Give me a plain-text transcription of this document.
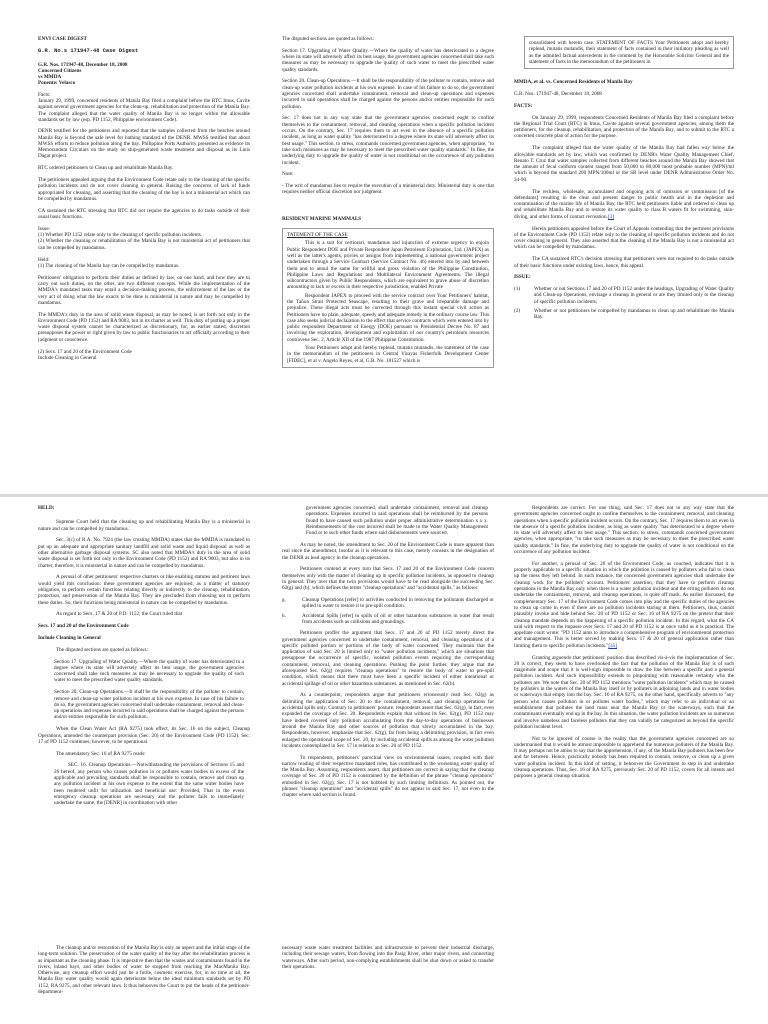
ENVI CASE DIGEST

G.R. No.s 171947-48 Case Digest

G.R. Nos. 171947-48, December 18, 2008
Concerned Citizens
vs MMDA
Ponente: Velasco

Facts:
January 29, 1999, concerned residents of Manila Bay filed a complaint before the RTC Imus, Cavite against several government agencies for the clean-up, rehabilitation and protection of the Manila Bay. The complaint alleged that the water quality of Manila Bay is no longer within the allowable standards set by law (esp. PD 1152, Philippine environment Code).

DENR testified for the petitioners and reported that the samples collected from the beaches around Manila Bay is beyond the safe level for bathing standard of the DENR. MWSS testified that about MWSS efforts to reduce pollution along the bay. Philippine Ports Authority presented as evidence its Memorandum Circulars on the study on ship-generated waste treatment and disposal as its Linis Dagat project.

RTC ordered petitioners to Clean up and rehabilitate Manila Bay.

The petitioners appealed arguing that the Environment Code relate only to the cleaning of the specific pollution incidents and do not cover cleaning in general. Raising the concerns of lack of funds appropriated for cleaning, and asserting that the cleaning of the bay is not a ministerial act which can be compelled by mandamus.

CA sustained the RTC stressing that RTC did not require the agencies to do tasks outside of their usual basic functions.

Issue:
(1) Whether PD 1152 relate only to the cleaning of specific pollution incidents.
(2) Whether the cleaning or rehabilitation of the Manila Bay is not ministerial act of petitioners that can be compelled by mandamus.

Held:
(1) The cleaning of the Manila bay can be compelled by mandamus.

Petitioners' obligation to perform their duties as defined by law, on one hand, and how they are to carry out such duties, on the other, are two different concepts. While the implementation of the MMDA's mandated tasks may entail a decision-making process, the enforcement of the law or the very act of doing what the law exacts to be done is ministerial in nature and may be compelled by mandamus.

The MMDA's duty in the area of solid waste disposal, as may be noted, is set forth not only in the Environment Code (PD 1152) and RA 9003, but in its charter as well. This duty of putting up a proper waste disposal system cannot be characterized as discretionary, for, as earlier stated, discretion presupposes the power or right given by law to public functionaries to act officially according to their judgment or conscience.

(2) Secs. 17 and 20 of the Environment Code
Include Cleaning in General

The disputed sections are quoted as follows:

Section 17. Upgrading of Water Quality.—Where the quality of water has deteriorated to a degree where its state will adversely affect its best usage, the government agencies concerned shall take such measures as may be necessary to upgrade the quality of such water to meet the prescribed water quality standards.

Section 20. Clean-up Operations.—It shall be the responsibility of the polluter to contain, remove and clean-up water pollution incidents at his own expense. In case of his failure to do so, the government agencies concerned shall undertake containment, removal and clean-up operations and expenses incurred in said operations shall be charged against the persons and/or entities responsible for such pollution.

Sec. 17 does not in any way state that the government agencies concerned ought to confine themselves to the containment, removal, and cleaning operations when a specific pollution incident occurs. On the contrary, Sec. 17 requires them to act even in the absence of a specific pollution incident, as long as water quality "has deteriorated to a degree where its state will adversely affect its best usage." This section, to stress, commands concerned government agencies, when appropriate, "to take such measures as may be necessary to meet the prescribed water quality standards." In fine, the underlying duty to upgrade the quality of water is not conditional on the occurrence of any pollution incident.

Note:

- The writ of mandamus lies to require the execution of a ministerial duty. Ministerial duty is one that requires neither official discretion nor judgment.

RESIDENT MARINE MAMMALS

TATEMENT OF THE CASE

This is a suit for certiorari, mandamus and injunction of extreme urgency to enjoin Public Respondent DOE and Private Respondent Japan Petroleum Exploration, Ltd. (JAPEX) as well as the latter's agents, privies or assigns from implementing a national government project undertaken through a Service Contract (Service Contract No. 46) entered into by and between them and to annul the same for willful and gross violation of the Philippine Constitution, Philippine Laws and Regulations and Multilateral Environment Agreements. The illegal subcontractors given by Public Respondents, which are equivalent to grave abuse of discretion amounting to lack or excess in their respective jurisdiction, enabled Private

Respondent JAPEX to proceed with the service contract over Your Petitioners' habitat, the Tañon Strait Protected Seascape, resulting to their grave and irreparable damage and prejudice. These illegal acts must be corrected through this instant special civil action as Petitioners have no plain, adequate, speedy and adequate remedy in the ordinary course law. This case also seeks judicial declaration to the effect that service contracts which were entered into by public respondent Department of Energy (DOE) pursuant to Presidential Decree No. 87 and involving the exploration, development and exploitation of our country's petroleum resources contravene Sec. 2, Article XII of the 1987 Philippine Constitution.

Your Petitioners adopt and hereby replead, mutatis mutandis, the statement of the case in the memorandum of the petitioners in Central Visayas Fisherfolk Development Center [FIDEC], et al v. Angelo Reyes, et al, G.R. No. 181527 which is

consolidated with herein case. STATEMENT OF FACTS Your Petitioners adopt and hereby replead, mutatis mutandis, their statement of facts contained in their initiatory pleading as well as the admitted factual antecedents in the comment by the Honorable Solicitor General and the statement of facts in the memorandum of the petitioners in

MMDA, et al. vs. Concerned Residents of Manila Bay

G.R. Nos. 171947-48, December 18, 2008

FACTS:

On January 29, 1999, respondents Concerned Residents of Manila Bay filed a complaint before the Regional Trial Court (RTC) in Imus, Cavite against several government agencies, among them the petitioners, for the cleanup, rehabilitation, and protection of the Manila Bay, and to submit to the RTC a concerted concrete plan of action for the purpose.

The complaint alleged that the water quality of the Manila Bay had fallen way below the allowable standards set by law, which was confirmed by DENR's Water Quality Management Chief, Renato T. Cruz that water samples collected from different beaches around the Manila Bay showed that the amount of fecal coliform content ranged from 50,000 to 80,000 most probable number (MPN)/ml which is beyond the standard 200 MPN/100ml or the SB level under DENR Administrative Order No. 34-90.

The reckless, wholesale, accumulated and ongoing acts of omission or commission [of the defendants] resulting in the clear and present danger to public health and in the depletion and contamination of the marine life of Manila Bay, the RTC held petitioners liable and ordered to clean up and rehabilitate Manila Bay and to restore its water quality to class B waters fit for swimming, skin-diving, and other forms of contact recreation.[3]

Herein petitioners appealed before the Court of Appeals contending that the pertinent provisions of the Environment Code (PD 1152) relate only to the cleaning of specific pollution incidents and do not cover cleaning in general. They also asserted that the cleaning of the Manila Bay is not a ministerial act which can be compelled by mandamus.

The CA sustained RTC's decision stressing that petitioners were not required to do tasks outside of their basic functions under existing laws, hence, this appeal.

ISSUE:

(1)	Whether or not Sections 17 and 20 of PD 1152 under the headings, Upgrading of Water Quality and Clean-up Operations, envisage a cleanup in general or are they limited only to the cleanup of specific pollution incidents;
(2)	Whether or not petitioners be compelled by mandamus to clean up and rehabilitate the Manila Bay.

HELD:

Supreme Court held that the cleaning up and rehabilitating Manila Bay is a ministerial in nature and can be compelled by mandamus.

Sec. 3(c) of R.A. No. 7924 (the law creating MMDA) states that the MMDA is mandated to put up an adequate and appropriate sanitary landfill and solid waste and liquid disposal as well as other alternative garbage disposal systems. SC also noted that MMDA's duty in the area of solid waste disposal is set forth not only in the Environment Code (PD 1152) and RA 9003, but also in its charter, therefore, it is ministerial in nature and can be compelled by mandamus.

A perusal of other petitioners' respective charters or like enabling statutes and pertinent laws would yield this conclusion: these government agencies are enjoined, as a matter of statutory obligation, to perform certain functions relating directly or indirectly to the cleanup, rehabilitation, protection, and preservation of the Manila Bay. They are precluded from choosing not to perform these duties. So, their functions being ministerial in nature can be compelled by mandamus.

As regard to Secs. 17 & 20 of P.D. 1152, the Court ruled that

Secs. 17 and 20 of the Environment Code

Include Cleaning in General

The disputed sections are quoted as follows:

Section 17. Upgrading of Water Quality.—Where the quality of water has deteriorated to a degree where its state will adversely affect its best usage, the government agencies concerned shall take such measures as may be necessary to upgrade the quality of such water to meet the prescribed water quality standards.

Section 20. Clean-up Operations.—It shall be the responsibility of the polluter to contain, remove and clean-up water pollution incident at his own expense. In case of his failure to do so, the government agencies concerned shall undertake containment, removal and clean-up operations and expenses incurred in said operations shall be charged against the persons and/or entities responsible for such pollution.

When the Clean Water Act (RA 9275) took effect, its Sec. 16 on the subject, Cleanup Operations, amended the counterpart provision (Sec. 20) of the Environment Code (PD 1152). Sec. 17 of PD 1152 continues, however, to be operational.

The amendatory Sec. 16 of RA 9275 reads:

SEC. 16. Cleanup Operations.—Notwithstanding the provisions of Sections 15 and 26 hereof, any person who causes pollution in or pollutes water bodies in excess of the applicable and prevailing standards shall be responsible to contain, remove and clean up any pollution incident at his own expense to the extent that the same water bodies have been rendered unfit for utilization and beneficial use: Provided, That in the event emergency cleanup operations are necessary and the polluter fails to immediately undertake the same, the [DENR] in coordination with other

The cleanup and/or restoration of the Manila Bay is only an aspect and the initial stage of the long-term solution. The preservation of the water quality of the bay after the rehabilitation process is as important as the cleaning phase. It is imperative then that the wastes and contaminants found in the rivers, inland bays, and other bodies of water be stopped from reaching the MacManila Bay. Otherwise, any cleanup effort would just be a futile, cosmetic exercise, for, in no time at all, the Manila Bay water quality would again deteriorate below the ideal minimum standards set by PD 1152, RA 9275, and other relevant laws. It thus behooves the Court to put the heads of the petitioner-department-

government agencies concerned, shall undertake containment, removal and cleanup operations. Expenses incurred in said operations shall be reimbursed by the persons found to have caused such pollution under proper administrative determination x x x. Reimbursements of the cost incurred shall be made to the Water Quality Management Fund or to such other funds where said disbursements were sourced.

As may be noted, the amendment to Sec. 20 of the Environment Code is more apparent than real since the amendment, insofar as it is relevant to this case, merely consists in the designation of the DENR as lead agency in the cleanup operations.

Petitioners contend at every turn that Secs. 17 and 20 of the Environment Code concern themselves only with the matter of cleaning up in specific pollution incidents, as opposed to cleanup in general. They aver that the twin provisions would have to be read alongside the succeeding Sec. 62(g) and (h), which defines the terms "cleanup operations" and "accidental spills," as follows:

g.	Cleanup Operations [refer] to activities conducted in removing the pollutants discharged or spilled in water to restore it to pre-spill condition.
h.	Accidental Spills [refer] to spills of oil or other hazardous substances in water that result from accidents such as collisions and groundings.

Petitioners proffer the argument that Secs. 17 and 20 of PD 1152 merely direct the government agencies concerned to undertake containment, removal, and cleaning operations of a specific polluted portion or portions of the body of water concerned. They maintain that the application of said Sec. 20 is limited only to "water pollution incidents," which are situations that presuppose the occurrence of specific, isolated pollution events requiring the corresponding containment, removal, and cleaning operations. Pushing the point further, they argue that the aforequoted Sec. 62(g) requires "cleanup operations" to restore the body of water to pre-spill condition, which means that there must have been a specific incident of either intentional or accidental spillage of oil or other hazardous substances, as mentioned in Sec. 62(h).

As a counterpoint, respondents argue that petitioners erroneously read Sec. 62(g) as delimiting the application of Sec. 20 to the containment, removal, and cleanup operations for accidental spills only. Contrary to petitioners' posture, respondents assert that Sec. 62(g), in fact, even expanded the coverage of Sec. 20. Respondents explain that without its Sec. 62(g), PD 1152 may have indeed covered only pollution accumulating from the day-to-day operations of businesses around the Manila Bay and other sources of pollution that slowly accumulated in the bay. Respondents, however, emphasize that Sec. 62(g), far from being a delimiting provision, in fact even enlarged the operational scope of Sec. 20, by including accidental spills as among the water pollution incidents contemplated in Sec. 17 in relation to Sec. 20 of PD 1152.

To respondents, petitioners' parochial view on environmental issues, coupled with their narrow reading of their respective mandated roles, has contributed to the worsening water quality of the Manila Bay. Assuming, respondents assert, that petitioners are correct in saying that the cleanup coverage of Sec. 20 of PD 1152 is constrained by the definition of the phrase "cleanup operations" embodied in Sec. 62(g), Sec. 17 is not hobbled by such limiting definition. As pointed out, the phrases "cleanup operations" and "accidental spills" do not appear in said Sec. 17, not even in the chapter where said section is found.

necessary waste water treatment facilities and infrastructure to prevent their industrial discharge, including their sewage waters, from flowing into the Pasig River, other major rivers, and connecting waterways. After such period, non-complying establishments shall be shut down or asked to transfer their operations.

Respondents are correct. For one thing, said Sec. 17 does not in any way state that the government agencies concerned ought to confine themselves to the containment, removal, and cleaning operations when a specific pollution incident occurs. On the contrary, Sec. 17 requires them to act even in the absence of a specific pollution incident, as long as water quality "has deteriorated to a degree where its state will adversely affect its best usage." This section, to stress, commands concerned government agencies, when appropriate, "to take such measures as may be necessary to meet the prescribed water quality standards." In fine, the underlying duty to upgrade the quality of water is not conditional on the occurrence of any pollution incident.

For another, a perusal of Sec. 20 of the Environment Code, as couched, indicates that it is properly applicable to a specific situation in which the pollution is caused by polluters who fail to clean up the mess they left behind. In such instance, the concerned government agencies shall undertake the cleanup work for the polluters' account. Petitioners' assertion, that they have to perform cleanup operations in the Manila Bay only when there is a water pollution incident and the erring polluters do not undertake the containment, removal, and cleanup operations, is quite off mark. As earlier discussed, the complementary Sec. 17 of the Environment Code comes into play and the specific duties of the agencies to clean up come in even if there are no pollution incidents staring at them. Petitioners, thus, cannot plausibly invoke and hide behind Sec. 20 of PD 1152 or Sec. 16 of RA 9275 on the pretext that their cleanup mandate depends on the happening of a specific pollution incident. In this regard, what the CA said with respect to the impasse over Secs. 17 and 20 of PD 1152 is at once valid as it is practical. The appellate court wrote: "PD 1152 aims to introduce a comprehensive program of environmental protection and management. This is better served by making Secs. 17 & 20 of general application rather than limiting them to specific pollution incidents."[35]

Granting arguendo that petitioners' position thus described vis-à-vis the implementation of Sec. 20 is correct, they seem to have overlooked the fact that the pollution of the Manila Bay is of such magnitude and scope that it is well-nigh impossible to draw the line between a specific and a general pollution incident. And such impossibility extends to pinpointing with reasonable certainty who the polluters are. We note that Sec. 20 of PD 1152 mentions "water pollution incidents" which may be caused by polluters in the waters of the Manila Bay itself or by polluters in adjoining lands and in water bodies or waterways that empty into the bay. Sec. 16 of RA 9275, on the other hand, specifically adverts to "any person who causes pollution in or pollutes water bodies," which may refer to an individual or an establishment that pollutes the land mass near the Manila Bay or the waterways, such that the contaminants eventually end up in the bay. In this situation, the water pollution incidents are so numerous and involve nameless and faceless polluters that they can validly be categorized as beyond the specific pollution incident level.

Not to be ignored of course is the reality that the government agencies concerned are so undermanned that it would be almost impossible to apprehend the numerous polluters of the Manila Bay. It may perhaps not be amiss to say that the apprehension, if any, of the Manila Bay polluters has been few and far between. Hence, practically nobody has been required to contain, remove, or clean up a given water pollution incident. In this kind of setting, it behooves the Government to step in and undertake cleanup operations. Thus, Sec. 16 of RA 9275, previously Sec. 20 of PD 1152, covers for all intents and purposes a general cleanup situation.
